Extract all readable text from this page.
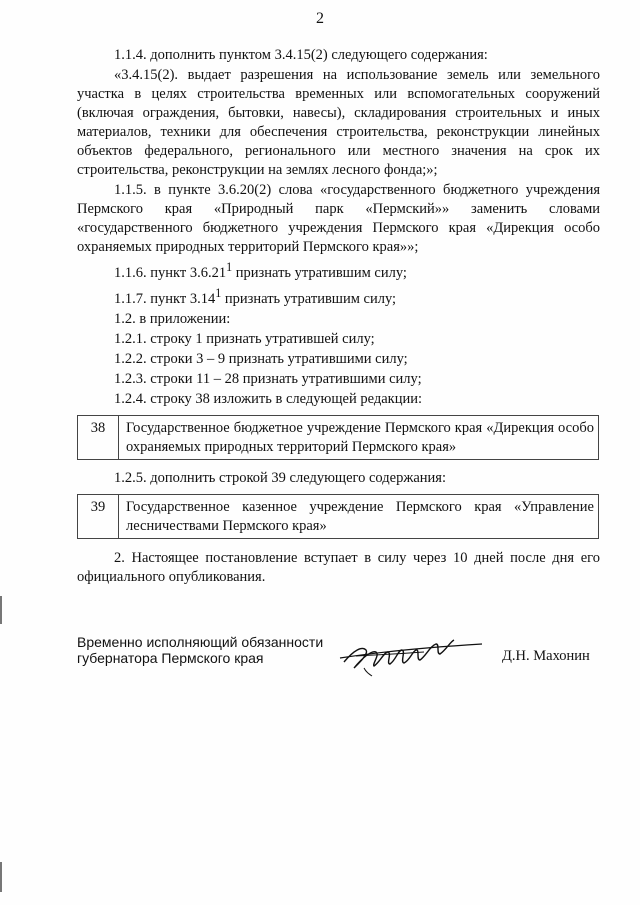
2

1.1.4. дополнить пунктом 3.4.15(2) следующего содержания:

«3.4.15(2). выдает разрешения на использование земель или земельного участка в целях строительства временных или вспомогательных сооружений (включая ограждения, бытовки, навесы), складирования строительных и иных материалов, техники для обеспечения строительства, реконструкции линейных объектов федерального, регионального или местного значения на срок их строительства, реконструкции на землях лесного фонда;»;

1.1.5. в пункте 3.6.20(2) слова «государственного бюджетного учреждения Пермского края «Природный парк «Пермский»» заменить словами «государственного бюджетного учреждения Пермского края «Дирекция особо охраняемых природных территорий Пермского края»»;

1.1.6. пункт 3.6.21$^1$ признать утратившим силу;

1.1.7. пункт 3.14$^1$ признать утратившим силу;

1.2. в приложении:

1.2.1. строку 1 признать утратившей силу;

1.2.2. строки 3 – 9 признать утратившими силу;

1.2.3. строки 11 – 28 признать утратившими силу;

1.2.4. строку 38 изложить в следующей редакции:

38	Государственное бюджетное учреждение Пермского края «Дирекция особо охраняемых природных территорий Пермского края»

1.2.5. дополнить строкой 39 следующего содержания:

39	Государственное казенное учреждение Пермского края «Управление лесничествами Пермского края»

2. Настоящее постановление вступает в силу через 10 дней после дня его официального опубликования.

Временно исполняющий обязанности
губернатора Пермского края	Д.Н. Махонин
